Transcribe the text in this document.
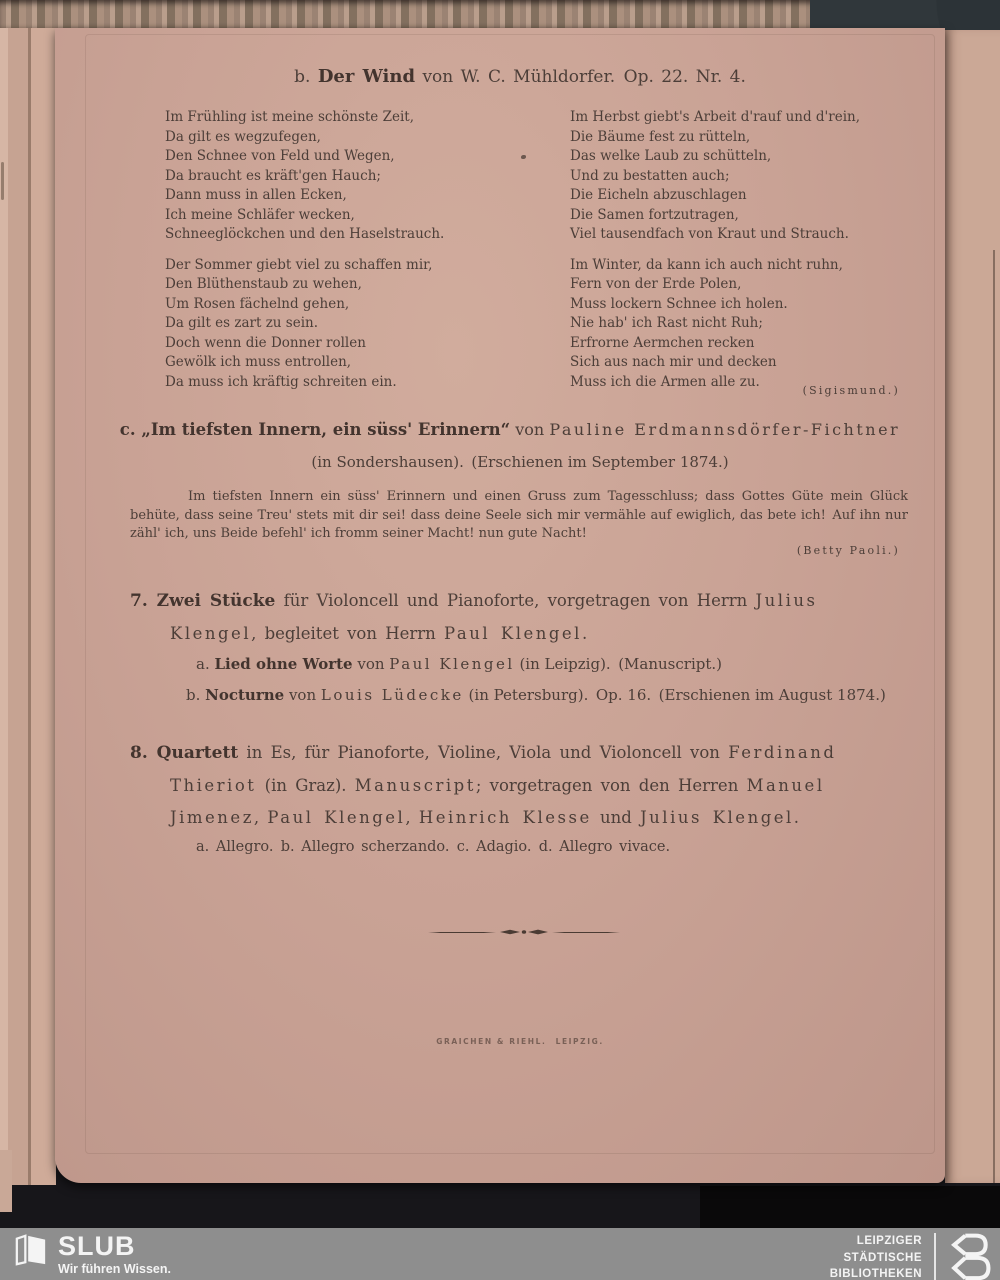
b. Der Wind von W. C. Mühldorfer. Op. 22. Nr. 4.
Im Frühling ist meine schönste Zeit,
Da gilt es wegzufegen,
Den Schnee von Feld und Wegen,
Da braucht es kräft'gen Hauch;
Dann muss in allen Ecken,
Ich meine Schläfer wecken,
Schneeglöckchen und den Haselstrauch.
Der Sommer giebt viel zu schaffen mir,
Den Blüthenstaub zu wehen,
Um Rosen fächelnd gehen,
Da gilt es zart zu sein.
Doch wenn die Donner rollen
Gewölk ich muss entrollen,
Da muss ich kräftig schreiten ein.
Im Herbst giebt's Arbeit d'rauf und d'rein,
Die Bäume fest zu rütteln,
Das welke Laub zu schütteln,
Und zu bestatten auch;
Die Eicheln abzuschlagen
Die Samen fortzutragen,
Viel tausendfach von Kraut und Strauch.
Im Winter, da kann ich auch nicht ruhn,
Fern von der Erde Polen,
Muss lockern Schnee ich holen.
Nie hab' ich Rast nicht Ruh;
Erfrorne Aermchen recken
Sich aus nach mir und decken
Muss ich die Armen alle zu.
(Sigismund.)
c. „Im tiefsten Innern, ein süss' Erinnern“ von Pauline Erdmannsdörfer-Fichtner
(in Sondershausen). (Erschienen im September 1874.)
Im tiefsten Innern ein süss' Erinnern und einen Gruss zum Tagesschluss; dass Gottes Güte mein Glück behüte, dass seine Treu' stets mit dir sei! dass deine Seele sich mir vermähle auf ewiglich, das bete ich! Auf ihn nur zähl' ich, uns Beide befehl' ich fromm seiner Macht! nun gute Nacht!
(Betty Paoli.)
7. Zwei Stücke für Violoncell und Pianoforte, vorgetragen von Herrn Julius
Klengel, begleitet von Herrn Paul Klengel.
a. Lied ohne Worte von Paul Klengel (in Leipzig). (Manuscript.)
b. Nocturne von Louis Lüdecke (in Petersburg). Op. 16. (Erschienen im August 1874.)
8. Quartett in Es, für Pianoforte, Violine, Viola und Violoncell von Ferdinand
Thieriot (in Graz). Manuscript; vorgetragen von den Herren Manuel
Jimenez, Paul Klengel, Heinrich Klesse und Julius Klengel.
a. Allegro. b. Allegro scherzando. c. Adagio. d. Allegro vivace.
GRAICHEN & RIEHL. LEIPZIG.
SLUB
Wir führen Wissen.
LEIPZIGER
STÄDTISCHE
BIBLIOTHEKEN
